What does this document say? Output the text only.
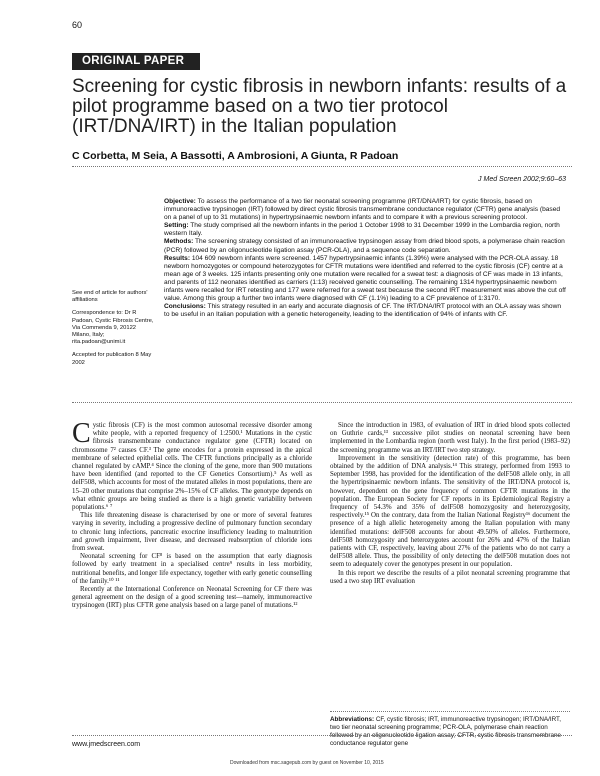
60
ORIGINAL PAPER
Screening for cystic fibrosis in newborn infants: results of a pilot programme based on a two tier protocol (IRT/DNA/IRT) in the Italian population
C Corbetta, M Seia, A Bassotti, A Ambrosioni, A Giunta, R Padoan
J Med Screen 2002;9:60–63

Objective: To assess the performance of a two tier neonatal screening programme (IRT/DNA/IRT) for cystic fibrosis, based on immunoreactive trypsinogen (IRT) followed by direct cystic fibrosis transmembrane conductance regulator (CFTR) gene analysis (based on a panel of up to 31 mutations) in hypertrypsinaemic newborn infants and to compare it with a previous screening protocol.

Setting: The study comprised all the newborn infants in the period 1 October 1998 to 31 December 1999 in the Lombardia region, north western Italy.

Methods: The screening strategy consisted of an immunoreactive trypsinogen assay from dried blood spots, a polymerase chain reaction (PCR) followed by an oligonucleotide ligation assay (PCR-OLA), and a sequence code separation.

Results: 104 609 newborn infants were screened. 1457 hypertrypsinaemic infants (1.39%) were analysed with the PCR-OLA assay. 18 newborn homozygotes or compound heterozygotes for CFTR mutations were identified and referred to the cystic fibrosis (CF) centre at a mean age of 3 weeks. 125 infants presenting only one mutation were recalled for a sweat test: a diagnosis of CF was made in 13 infants, and parents of 112 neonates identified as carriers (1:13) received genetic counselling. The remaining 1314 hypertrypsinaemic newborn infants were recalled for IRT retesting and 177 were referred for a sweat test because the second IRT measurement was above the cut off value. Among this group a further two infants were diagnosed with CF (1.1%) leading to a CF prevalence of 1:3170.

Conclusions: This strategy resulted in an early and accurate diagnosis of CF. The IRT/DNA/IRT protocol with an OLA assay was shown to be useful in an Italian population with a genetic heterogeneity, leading to the identification of 94% of infants with CF.

See end of article for authors' affiliations

Correspondence to: Dr R Padoan, Cystic Fibrosis Centre, Via Commenda 9, 20122 Milano, Italy; rita.padoan@unimi.it

Accepted for publication 8 May 2002

Cystic fibrosis (CF) is the most common autosomal recessive disorder among white people, with a reported frequency of 1:2500.¹ Mutations in the cystic fibrosis transmembrane conductance regulator gene (CFTR) located on chromosome 7² causes CF.³ The gene encodes for a protein expressed in the apical membrane of selected epithelial cells. The CFTR functions principally as a chloride channel regulated by cAMP.⁴ Since the cloning of the gene, more than 900 mutations have been identified (and reported to the CF Genetics Consortium).⁵ As well as delF508, which accounts for most of the mutated alleles in most populations, there are 15–20 other mutations that comprise 2%–15% of CF alleles. The genotype depends on what ethnic groups are being studied as there is a high genetic variability between populations.⁶ ⁷

This life threatening disease is characterised by one or more of several features varying in severity, including a progressive decline of pulmonary function secondary to chronic lung infections, pancreatic exocrine insufficiency leading to malnutrition and growth impairment, liver disease, and decreased reabsorption of chloride ions from sweat.

Neonatal screening for CF⁸ is based on the assumption that early diagnosis followed by early treatment in a specialised centre⁹ results in less morbidity, nutritional benefits, and longer life expectancy, together with early genetic counselling of the family.¹⁰ ¹¹

Recently at the International Conference on Neonatal Screening for CF there was general agreement on the design of a good screening test—namely, immunoreactive trypsinogen (IRT) plus CFTR gene analysis based on a large panel of mutations.¹²

Since the introduction in 1983, of evaluation of IRT in dried blood spots collected on Guthrie cards,¹³ successive pilot studies on neonatal screening have been implemented in the Lombardia region (north west Italy). In the first period (1983–92) the screening programme was an IRT/IRT two step strategy.

Improvement in the sensitivity (detection rate) of this programme, has been obtained by the addition of DNA analysis.¹⁴ This strategy, performed from 1993 to September 1998, has provided for the identification of the delF508 allele only, in all the hypertripsinaemic newborn infants. The sensitivity of the IRT/DNA protocol is, however, dependent on the gene frequency of common CFTR mutations in the population. The European Society for CF reports in its Epidemiological Registry a frequency of 54.3% and 35% of delF508 homozygosity and heterozygosity, respectively.¹⁵ On the contrary, data from the Italian National Registry¹⁶ document the presence of a high allelic heterogeneity among the Italian population with many identified mutations: delF508 accounts for about 49.50% of alleles. Furthermore, delF508 homozygosity and heterozygotes account for 26% and 47% of the Italian patients with CF, respectively, leaving about 27% of the patients who do not carry a delF508 allele. Thus, the possibility of only detecting the delF508 mutation does not seem to adequately cover the genotypes present in our population.

In this report we describe the results of a pilot neonatal screening programme that used a two step IRT evaluation

Abbreviations: CF, cystic fibrosis; IRT, immunoreactive trypsinogen; IRT/DNA/IRT, two tier neonatal screening programme; PCR-OLA, polymerase chain reaction followed by an oligonucleotide ligation assay; CFTR, cystic fibrosis transmembrane conductance regulator gene
www.jmedscreen.com
Downloaded from msc.sagepub.com by guest on November 10, 2015
